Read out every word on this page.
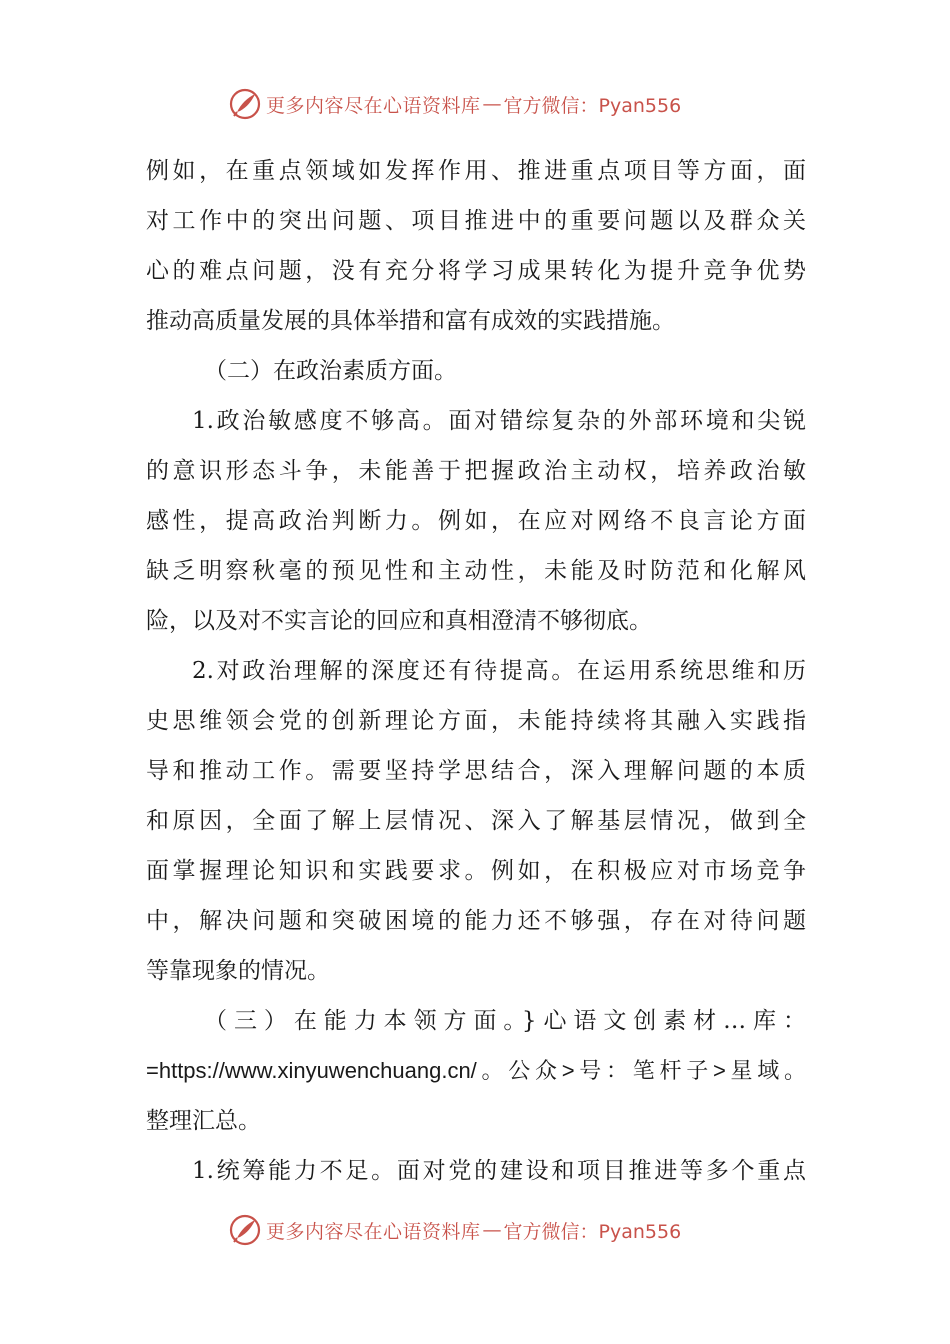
更多内容尽在心语资料库 — 官方微信：Pyan556
例如，在重点领域如发挥作用、推进重点项目等方面，面
对工作中的突出问题、项目推进中的重要问题以及群众关
心的难点问题，没有充分将学习成果转化为提升竞争优势
推动高质量发展的具体举措和富有成效的实践措施。
（二）在政治素质方面。
1.政治敏感度不够高。面对错综复杂的外部环境和尖锐
的意识形态斗争，未能善于把握政治主动权，培养政治敏
感性，提高政治判断力。例如，在应对网络不良言论方面
缺乏明察秋毫的预见性和主动性，未能及时防范和化解风
险，以及对不实言论的回应和真相澄清不够彻底。
2.对政治理解的深度还有待提高。在运用系统思维和历
史思维领会党的创新理论方面，未能持续将其融入实践指
导和推动工作。需要坚持学思结合，深入理解问题的本质
和原因，全面了解上层情况、深入了解基层情况，做到全
面掌握理论知识和实践要求。例如，在积极应对市场竞争
中，解决问题和突破困境的能力还不够强，存在对待问题
等靠现象的情况。
（三）在能力本领方面。}心语文创素材…库：
=https://www.xinyuwenchuang.cn/。公众>号：笔杆子>星域。
整理汇总。
1.统筹能力不足。面对党的建设和项目推进等多个重点
更多内容尽在心语资料库 — 官方微信：Pyan556
